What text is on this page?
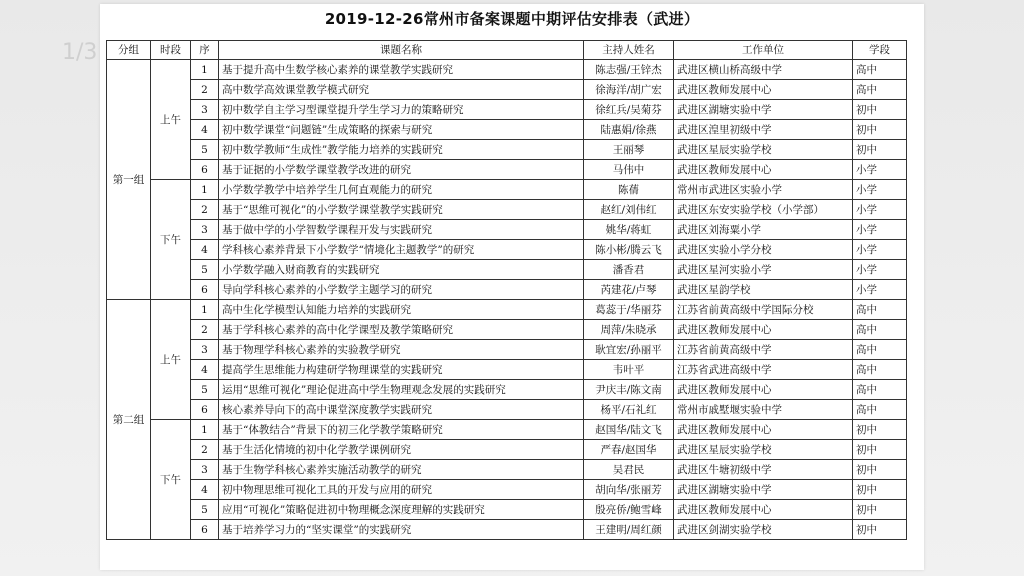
1/3
2019-12-26常州市备案课题中期评估安排表（武进）
分组	时段	序	课题名称	主持人姓名	工作单位	学段
第一组	上午	1	基于提升高中生数学核心素养的课堂教学实践研究	陈志强/王锌杰	武进区横山桥高级中学	高中
		2	高中数学高效课堂教学模式研究	徐海洋/胡广宏	武进区教师发展中心	高中
		3	初中数学自主学习型课堂提升学生学习力的策略研究	徐红兵/吴菊芬	武进区湖塘实验中学	初中
		4	初中数学课堂“问题链”生成策略的探索与研究	陆惠娟/徐燕	武进区湟里初级中学	初中
		5	初中数学教师“生成性”教学能力培养的实践研究	王丽琴	武进区星辰实验学校	初中
		6	基于证据的小学数学课堂教学改进的研究	马伟中	武进区教师发展中心	小学
	下午	1	小学数学教学中培养学生几何直观能力的研究	陈蒨	常州市武进区实验小学	小学
		2	基于“思维可视化”的小学数学课堂教学实践研究	赵红/刘伟红	武进区东安实验学校（小学部）	小学
		3	基于做中学的小学智数学课程开发与实践研究	姚华/蒋虹	武进区刘海粟小学	小学
		4	学科核心素养背景下小学数学“情境化主题教学”的研究	陈小彬/腾云飞	武进区实验小学分校	小学
		5	小学数学融入财商教育的实践研究	潘香君	武进区星河实验小学	小学
		6	导向学科核心素养的小学数学主题学习的研究	芮建花/卢琴	武进区星韵学校	小学
第二组	上午	1	高中生化学模型认知能力培养的实践研究	葛蕊于/华丽芬	江苏省前黄高级中学国际分校	高中
		2	基于学科核心素养的高中化学课型及教学策略研究	周萍/朱晓承	武进区教师发展中心	高中
		3	基于物理学科核心素养的实验教学研究	耿宜宏/孙丽平	江苏省前黄高级中学	高中
		4	提高学生思维能力构建研学物理课堂的实践研究	韦叶平	江苏省武进高级中学	高中
		5	运用“思维可视化”理论促进高中学生物理观念发展的实践研究	尹庆丰/陈文南	武进区教师发展中心	高中
		6	核心素养导向下的高中课堂深度教学实践研究	杨平/石礼红	常州市戚墅堰实验中学	高中
	下午	1	基于“体教结合”背景下的初三化学教学策略研究	赵国华/陆文飞	武进区教师发展中心	初中
		2	基于生活化情境的初中化学教学课例研究	严春/赵国华	武进区星辰实验学校	初中
		3	基于生物学科核心素养实施活动教学的研究	吴君民	武进区牛塘初级中学	初中
		4	初中物理思维可视化工具的开发与应用的研究	胡向华/张丽芳	武进区湖塘实验中学	初中
		5	应用“可视化”策略促进初中物理概念深度理解的实践研究	殷亮侨/鲍雪峰	武进区教师发展中心	初中
		6	基于培养学习力的“坚实课堂”的实践研究	王建明/周红颜	武进区剑湖实验学校	初中
